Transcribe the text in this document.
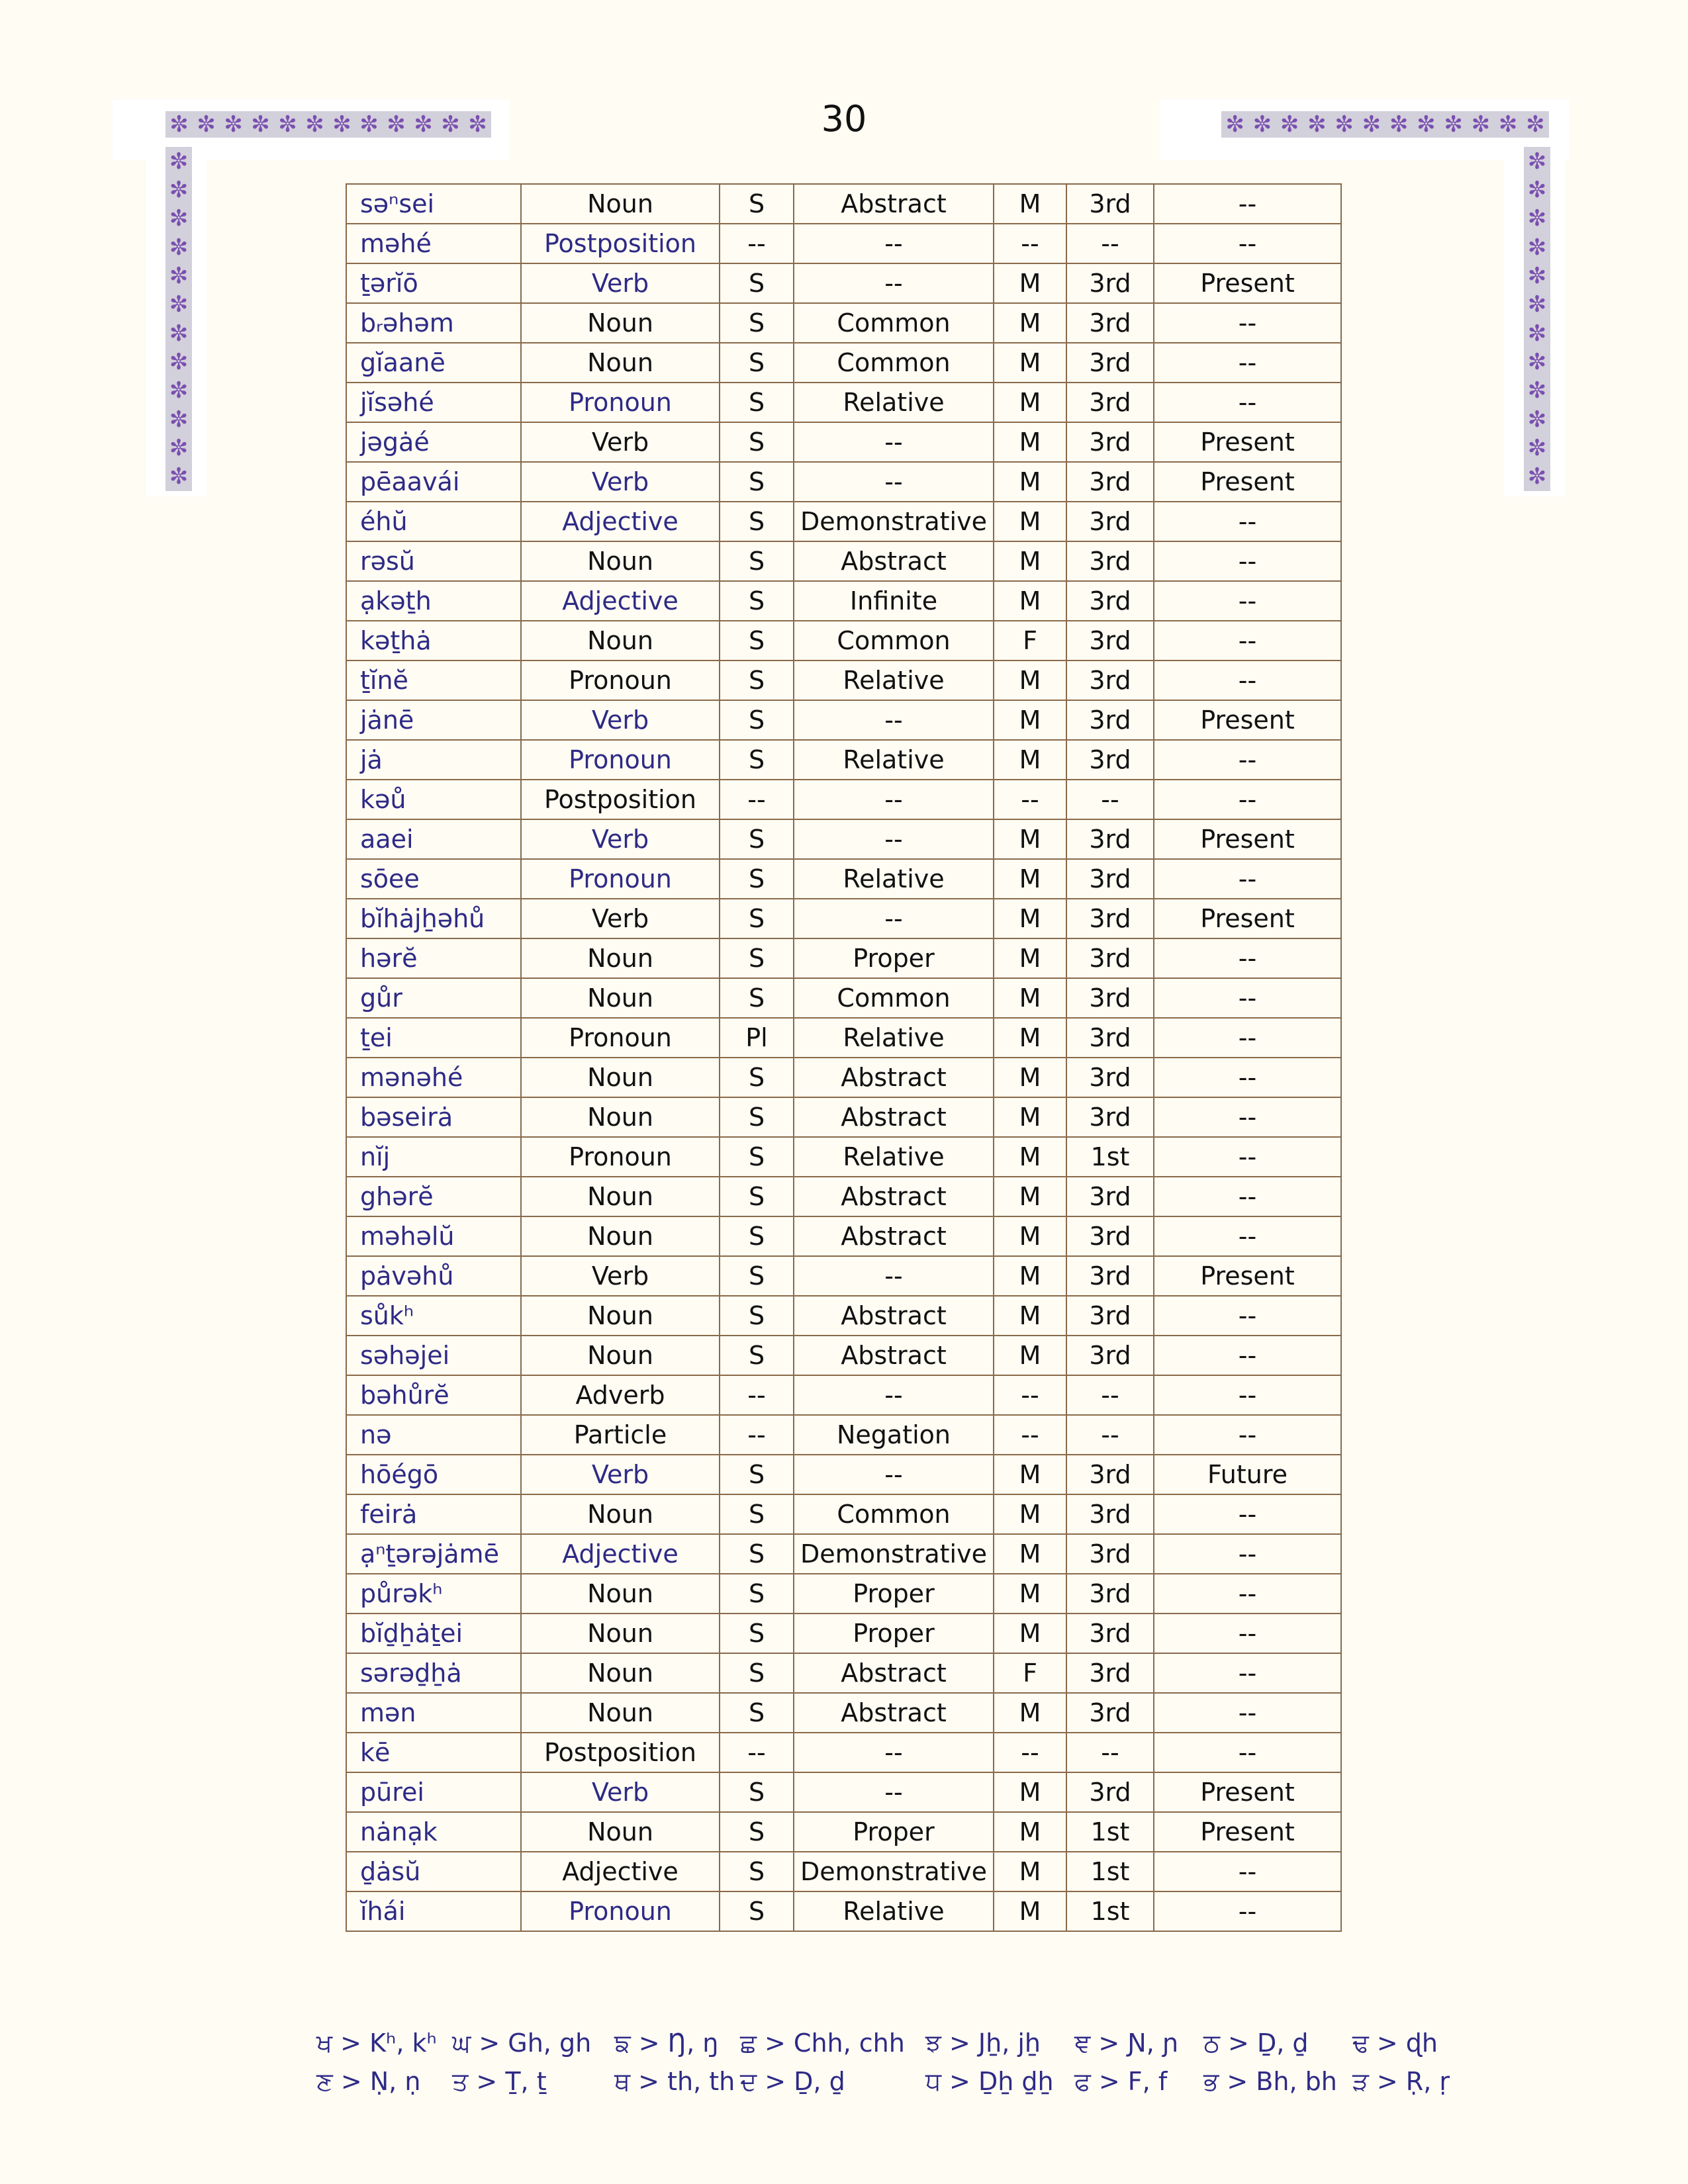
30
✼ ✼ ✼ ✼ ✼ ✼ ✼ ✼ ✼ ✼ ✼ ✼
✼
✼
✼
✼
✼
✼
✼
✼
✼
✼
✼
✼
✼ ✼ ✼ ✼ ✼ ✼ ✼ ✼ ✼ ✼ ✼ ✼
✼
✼
✼
✼
✼
✼
✼
✼
✼
✼
✼
✼
səⁿsei	Noun	S	Abstract	M	3rd	--
məhé	Postposition	--	--	--	--	--
ṯərĭō	Verb	S	--	M	3rd	Present
bᵣəhəm	Noun	S	Common	M	3rd	--
gĭaanē	Noun	S	Common	M	3rd	--
jĭsəhé	Pronoun	S	Relative	M	3rd	--
jəgȧé	Verb	S	--	M	3rd	Present
pēaavái	Verb	S	--	M	3rd	Present
éhŭ	Adjective	S	Demonstrative	M	3rd	--
rəsŭ	Noun	S	Abstract	M	3rd	--
ạkəṯh	Adjective	S	Infinite	M	3rd	--
kəṯhȧ	Noun	S	Common	F	3rd	--
ṯĭnĕ	Pronoun	S	Relative	M	3rd	--
jȧnē	Verb	S	--	M	3rd	Present
jȧ	Pronoun	S	Relative	M	3rd	--
kəů	Postposition	--	--	--	--	--
aaei	Verb	S	--	M	3rd	Present
sōee	Pronoun	S	Relative	M	3rd	--
bĭhȧjẖəhů	Verb	S	--	M	3rd	Present
hərĕ	Noun	S	Proper	M	3rd	--
gůr	Noun	S	Common	M	3rd	--
ṯei	Pronoun	Pl	Relative	M	3rd	--
mənəhé	Noun	S	Abstract	M	3rd	--
bəseirȧ	Noun	S	Abstract	M	3rd	--
nĭj	Pronoun	S	Relative	M	1st	--
ghərĕ	Noun	S	Abstract	M	3rd	--
məhəlŭ	Noun	S	Abstract	M	3rd	--
pȧvəhů	Verb	S	--	M	3rd	Present
sůkʰ	Noun	S	Abstract	M	3rd	--
səhəjei	Noun	S	Abstract	M	3rd	--
bəhůrĕ	Adverb	--	--	--	--	--
nə	Particle	--	Negation	--	--	--
hōégō	Verb	S	--	M	3rd	Future
feirȧ	Noun	S	Common	M	3rd	--
ạⁿṯərəjȧmē	Adjective	S	Demonstrative	M	3rd	--
půrəkʰ	Noun	S	Proper	M	3rd	--
bĭḏẖȧṯei	Noun	S	Proper	M	3rd	--
sərəḏẖȧ	Noun	S	Abstract	F	3rd	--
mən	Noun	S	Abstract	M	3rd	--
kē	Postposition	--	--	--	--	--
pūrei	Verb	S	--	M	3rd	Present
nȧnạk	Noun	S	Proper	M	1st	Present
ḏȧsŭ	Adjective	S	Demonstrative	M	1st	--
ĭhái	Pronoun	S	Relative	M	1st	--
ਖ > Kʰ, kʰ ਘ > Gh, gh ਙ > Ŋ, ŋ ਛ > Chh, chh ਝ > Jẖ, jẖ	ਞ > Ɲ, ɲ ਠ > Ḏ, ḏ	ਢ > ɖh
ਣ > Ṇ, ṇ	ਤ > Ṯ, ṯ	ਥ > th, th ਦ > Ḏ, ḏ	ਧ > Ḏẖ ḏẖ ਫ > F, f	ਭ > Bh, bh ੜ > Ṛ, ṛ
